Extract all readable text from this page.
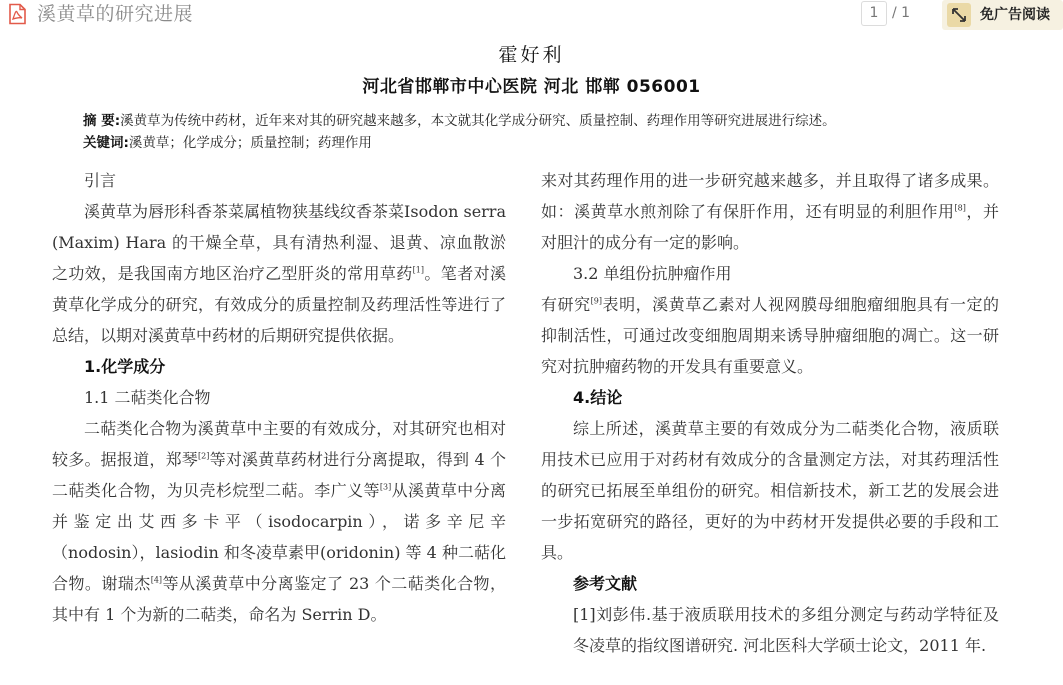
溪黄草的研究进展	1 / 1	免广告阅读
霍好利
河北省邯郸市中心医院 河北 邯郸 056001
摘 要:溪黄草为传统中药材，近年来对其的研究越来越多，本文就其化学成分研究、质量控制、药理作用等研究进展进行综述。
关键词:溪黄草；化学成分；质量控制；药理作用

引言

溪黄草为唇形科香茶菜属植物狭基线纹香茶菜Isodon serra (Maxim) Hara 的干燥全草，具有清热利湿、退黄、凉血散淤之功效，是我国南方地区治疗乙型肝炎的常用草药[1]。笔者对溪黄草化学成分的研究，有效成分的质量控制及药理活性等进行了总结，以期对溪黄草中药材的后期研究提供依据。

1.化学成分

1.1 二萜类化合物

二萜类化合物为溪黄草中主要的有效成分，对其研究也相对较多。据报道，郑琴[2]等对溪黄草药材进行分离提取，得到 4 个二萜类化合物，为贝壳杉烷型二萜。李广义等[3]从溪黄草中分离并鉴定出艾西多卡平（isodocarpin），诺多辛尼辛（nodosin），lasiodin 和冬凌草素甲(oridonin) 等 4 种二萜化合物。谢瑞杰[4]等从溪黄草中分离鉴定了 23 个二萜类化合物，其中有 1 个为新的二萜类，命名为 Serrin D。

来对其药理作用的进一步研究越来越多，并且取得了诸多成果。如：溪黄草水煎剂除了有保肝作用，还有明显的利胆作用[8]，并对胆汁的成分有一定的影响。

3.2 单组份抗肿瘤作用

有研究[9]表明，溪黄草乙素对人视网膜母细胞瘤细胞具有一定的抑制活性，可通过改变细胞周期来诱导肿瘤细胞的凋亡。这一研究对抗肿瘤药物的开发具有重要意义。

4.结论

综上所述，溪黄草主要的有效成分为二萜类化合物，液质联用技术已应用于对药材有效成分的含量测定方法，对其药理活性的研究已拓展至单组份的研究。相信新技术，新工艺的发展会进一步拓宽研究的路径，更好的为中药材开发提供必要的手段和工具。

参考文献

[1]刘彭伟.基于液质联用技术的多组分测定与药动学特征及冬凌草的指纹图谱研究. 河北医科大学硕士论文，2011 年.
